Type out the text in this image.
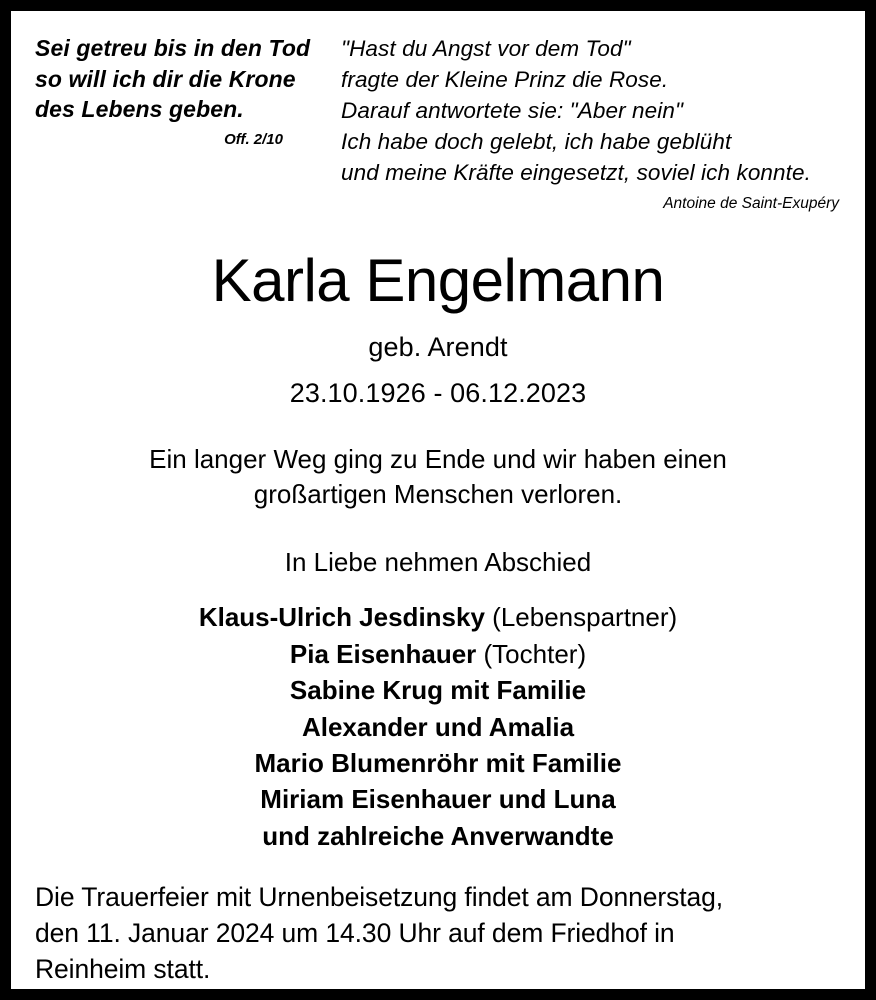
Sei getreu bis in den Tod
so will ich dir die Krone
des Lebens geben.
Off. 2/10
"Hast du Angst vor dem Tod"
fragte der Kleine Prinz die Rose.
Darauf antwortete sie: "Aber nein"
Ich habe doch gelebt, ich habe geblüht
und meine Kräfte eingesetzt, soviel ich konnte.
Antoine de Saint-Exupéry
Karla Engelmann
geb. Arendt
23.10.1926 - 06.12.2023
Ein langer Weg ging zu Ende und wir haben einen
großartigen Menschen verloren.
In Liebe nehmen Abschied
Klaus-Ulrich Jesdinsky (Lebenspartner)
Pia Eisenhauer (Tochter)
Sabine Krug mit Familie
Alexander und Amalia
Mario Blumenröhr mit Familie
Miriam Eisenhauer und Luna
und zahlreiche Anverwandte
Die Trauerfeier mit Urnenbeisetzung findet am Donnerstag,
den 11. Januar 2024 um 14.30 Uhr auf dem Friedhof in
Reinheim statt.
